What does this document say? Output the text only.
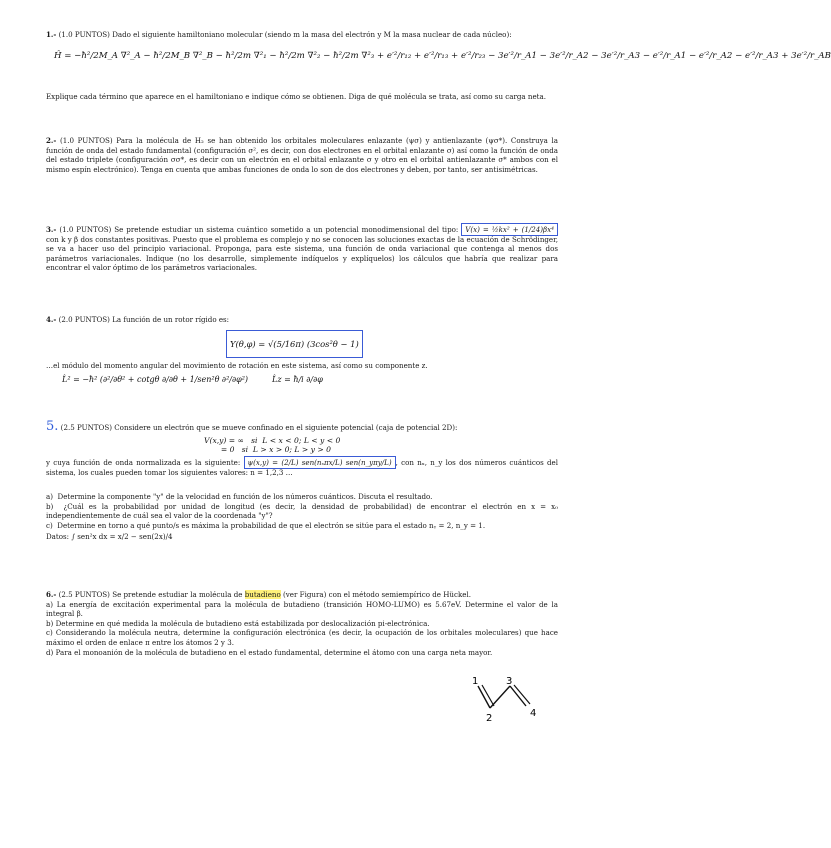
1.- (1.0 PUNTOS) Dado el siguiente hamiltoniano molecular (siendo m la masa del electrón y M la masa nuclear de cada núcleo):

Ĥ = −ħ²/2M_A ∇²_A − ħ²/2M_B ∇²_B − ħ²/2m ∇²₁ − ħ²/2m ∇²₂ − ħ²/2m ∇²₃ + e′²/r₁₂ + e′²/r₁₃ + e′²/r₂₃ − 3e′²/r_A1 − 3e′²/r_A2 − 3e′²/r_A3 − e′²/r_A1 − e′²/r_A2 − e′²/r_A3 + 3e′²/r_AB

Explique cada término que aparece en el hamiltoniano e indique cómo se obtienen. Diga de qué molécula se trata, así como su carga neta.

2.- (1.0 PUNTOS) Para la molécula de H₂ se han obtenido los orbitales moleculares enlazante (ψσ) y antienlazante (ψσ*). Construya la función de onda del estado fundamental (configuración σ², es decir, con dos electrones en el orbital enlazante σ) así como la función de onda del estado triplete (configuración σσ*, es decir con un electrón en el orbital enlazante σ y otro en el orbital antienlazante σ* ambos con el mismo espín electrónico). Tenga en cuenta que ambas funciones de onda lo son de dos electrones y deben, por tanto, ser antisimétricas.

3.- (1.0 PUNTOS) Se pretende estudiar un sistema cuántico sometido a un potencial monodimensional del tipo: V(x) = ½kx² + (1/24)βx⁴ con k y β dos constantes positivas. Puesto que el problema es complejo y no se conocen las soluciones exactas de la ecuación de Schrödinger, se va a hacer uso del principio variacional. Proponga, para este sistema, una función de onda variacional que contenga al menos dos parámetros variacionales. Indique (no los desarrolle, simplemente indíquelos y explíquelos) los cálculos que habría que realizar para encontrar el valor óptimo de los parámetros variacionales.

4.- (2.0 PUNTOS) La función de un rotor rígido es:

Y(θ,φ) = √(5/16π) (3cos²θ − 1)

…el módulo del momento angular del movimiento de rotación en este sistema, así como su componente z.

L̂² = −ħ² (∂²/∂θ² + cotgθ ∂/∂θ + 1/sen²θ ∂²/∂φ²)	L̂z = ħ/i ∂/∂φ

5. (2.5 PUNTOS) Considere un electrón que se mueve confinado en el siguiente potencial (caja de potencial 2D):

V(x,y) = ∞   si  L < x < 0; L < y < 0
= 0   si  L > x > 0; L > y > 0

y cuya función de onda normalizada es la siguiente: ψ(x,y) = (2/L) sen(nₓπx/L) sen(n_yπy/L) , con nₓ, n_y los dos números cuánticos del sistema, los cuales pueden tomar los siguientes valores: n = 1,2,3 …

a) Determine la componente "y" de la velocidad en función de los números cuánticos. Discuta el resultado.
b) ¿Cuál es la probabilidad por unidad de longitud (es decir, la densidad de probabilidad) de encontrar el electrón en x = x₀ independientemente de cuál sea el valor de la coordenada "y"?
c) Determine en torno a qué punto/s es máxima la probabilidad de que el electrón se sitúe para el estado nᵧ = 2, n_y = 1.

Datos: ∫ sen²x dx = x/2 − sen(2x)/4

6.- (2.5 PUNTOS) Se pretende estudiar la molécula de butadieno (ver Figura) con el método semiempírico de Hückel.

a) La energía de excitación experimental para la molécula de butadieno (transición HOMO-LUMO) es 5.67eV. Determine el valor de la integral β.
b) Determine en qué medida la molécula de butadieno está estabilizada por deslocalización pi-electrónica.
c) Considerando la molécula neutra, determine la configuración electrónica (es decir, la ocupación de los orbitales moleculares) que hace máximo el orden de enlace π entre los átomos 2 y 3.
d) Para el monoanión de la molécula de butadieno en el estado fundamental, determine el átomo con una carga neta mayor.
1
2
3
4
